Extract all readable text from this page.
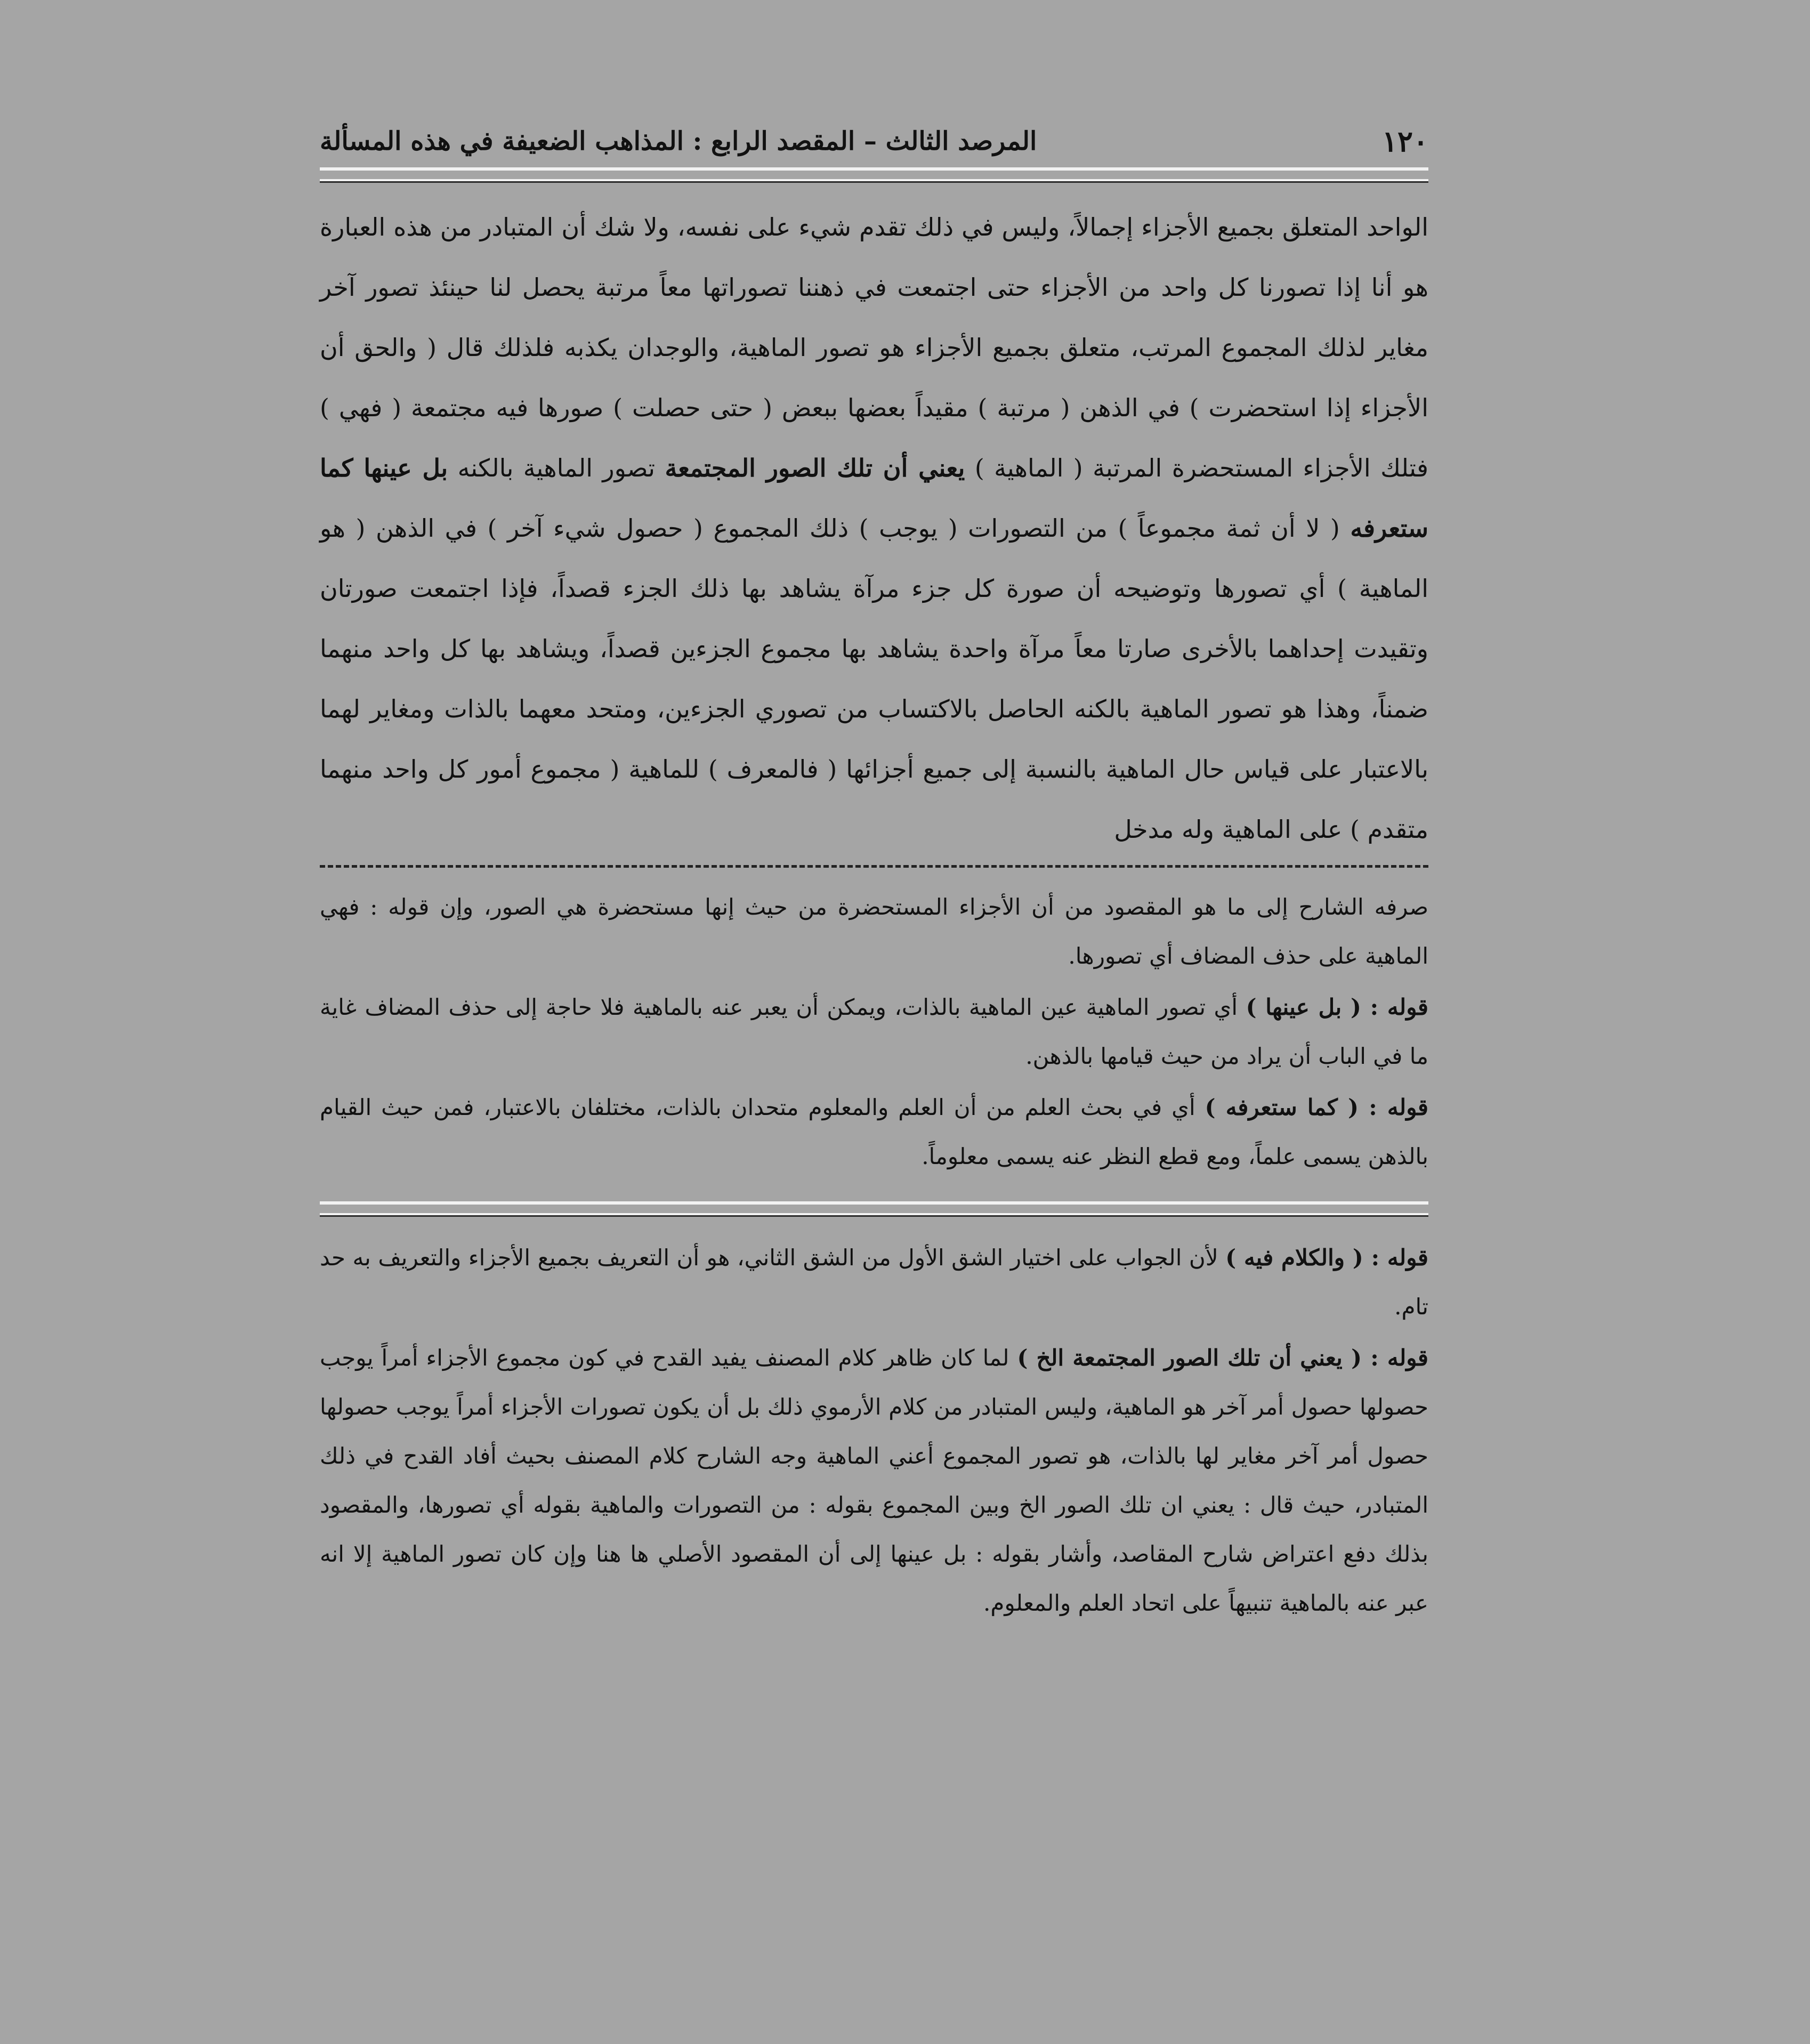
١٢٠
المرصد الثالث – المقصد الرابع : المذاهب الضعيفة في هذه المسألة
الواحد المتعلق بجميع الأجزاء إجمالاً، وليس في ذلك تقدم شيء على نفسه، ولا شك أن المتبادر من هذه العبارة هو أنا إذا تصورنا كل واحد من الأجزاء حتى اجتمعت في ذهننا تصوراتها معاً مرتبة يحصل لنا حينئذ تصور آخر مغاير لذلك المجموع المرتب، متعلق بجميع الأجزاء هو تصور الماهية، والوجدان يكذبه فلذلك قال ( والحق أن الأجزاء إذا استحضرت ) في الذهن ( مرتبة ) مقيداً بعضها ببعض ( حتى حصلت ) صورها فيه مجتمعة ( فهي ) فتلك الأجزاء المستحضرة المرتبة ( الماهية ) يعني أن تلك الصور المجتمعة تصور الماهية بالكنه بل عينها كما ستعرفه ( لا أن ثمة مجموعاً ) من التصورات ( يوجب ) ذلك المجموع ( حصول شيء آخر ) في الذهن ( هو الماهية ) أي تصورها وتوضيحه أن صورة كل جزء مرآة يشاهد بها ذلك الجزء قصداً، فإذا اجتمعت صورتان وتقيدت إحداهما بالأخرى صارتا معاً مرآة واحدة يشاهد بها مجموع الجزءين قصداً، ويشاهد بها كل واحد منهما ضمناً، وهذا هو تصور الماهية بالكنه الحاصل بالاكتساب من تصوري الجزءين، ومتحد معهما بالذات ومغاير لهما بالاعتبار على قياس حال الماهية بالنسبة إلى جميع أجزائها ( فالمعرف ) للماهية ( مجموع أمور كل واحد منهما متقدم ) على الماهية وله مدخل

صرفه الشارح إلى ما هو المقصود من أن الأجزاء المستحضرة من حيث إنها مستحضرة هي الصور، وإن قوله : فهي الماهية على حذف المضاف أي تصورها.

قوله : ( بل عينها ) أي تصور الماهية عين الماهية بالذات، ويمكن أن يعبر عنه بالماهية فلا حاجة إلى حذف المضاف غاية ما في الباب أن يراد من حيث قيامها بالذهن.

قوله : ( كما ستعرفه ) أي في بحث العلم من أن العلم والمعلوم متحدان بالذات، مختلفان بالاعتبار، فمن حيث القيام بالذهن يسمى علماً، ومع قطع النظر عنه يسمى معلوماً.

قوله : ( والكلام فيه ) لأن الجواب على اختيار الشق الأول من الشق الثاني، هو أن التعريف بجميع الأجزاء والتعريف به حد تام.

قوله : ( يعني أن تلك الصور المجتمعة الخ ) لما كان ظاهر كلام المصنف يفيد القدح في كون مجموع الأجزاء أمراً يوجب حصولها حصول أمر آخر هو الماهية، وليس المتبادر من كلام الأرموي ذلك بل أن يكون تصورات الأجزاء أمراً يوجب حصولها حصول أمر آخر مغاير لها بالذات، هو تصور المجموع أعني الماهية وجه الشارح كلام المصنف بحيث أفاد القدح في ذلك المتبادر، حيث قال : يعني ان تلك الصور الخ وبين المجموع بقوله : من التصورات والماهية بقوله أي تصورها، والمقصود بذلك دفع اعتراض شارح المقاصد، وأشار بقوله : بل عينها إلى أن المقصود الأصلي ها هنا وإن كان تصور الماهية إلا انه عبر عنه بالماهية تنبيهاً على اتحاد العلم والمعلوم.
